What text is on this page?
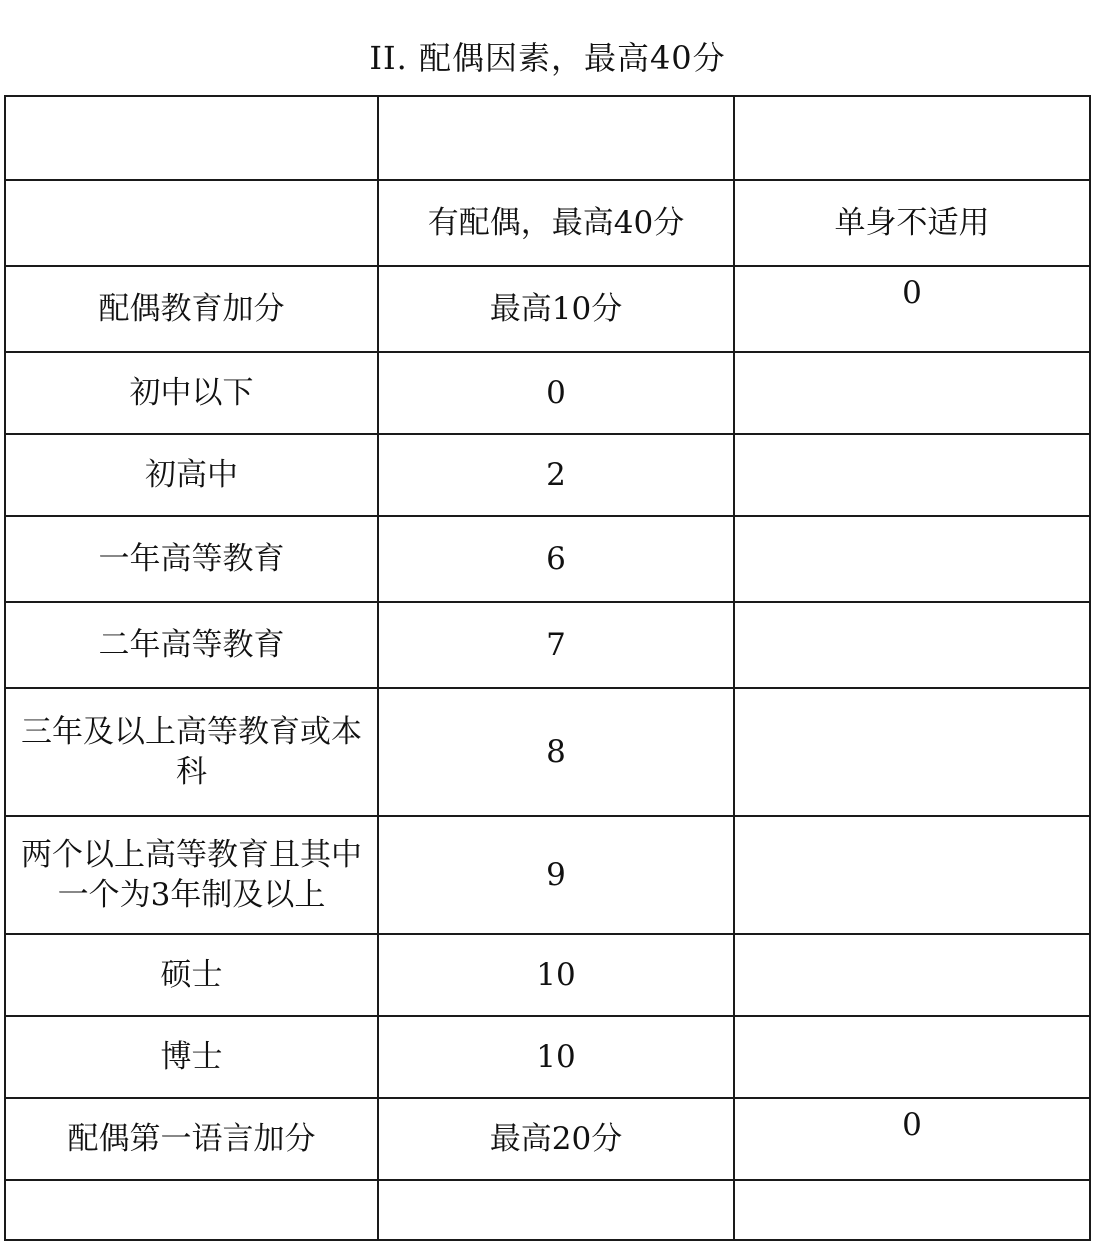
II. 配偶因素，最高40分

	有配偶，最高40分	单身不适用
配偶教育加分	最高10分	0
初中以下	0	
初高中	2	
一年高等教育	6	
二年高等教育	7	
三年及以上高等教育或本科	8	
两个以上高等教育且其中一个为3年制及以上	9	
硕士	10	
博士	10	
配偶第一语言加分	最高20分	0
